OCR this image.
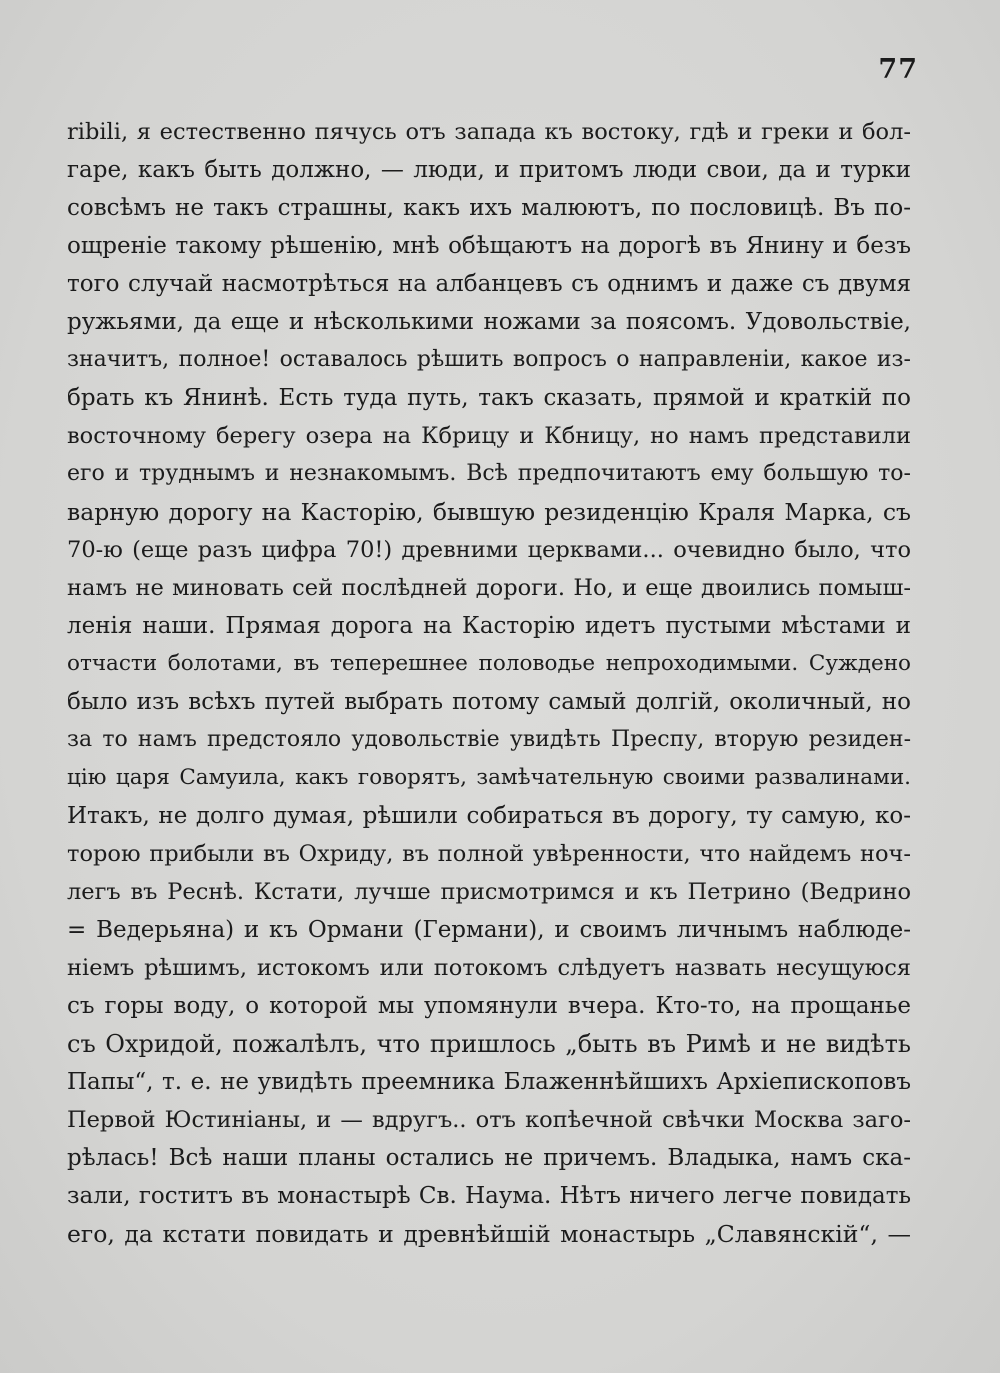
77
ribili, я естественно пячусь отъ запада къ востоку, гдѣ и греки и бол-
гаре, какъ быть должно, — люди, и притомъ люди свои, да и турки
совсѣмъ не такъ страшны, какъ ихъ малюютъ, по пословицѣ. Въ по-
ощреніе такому рѣшенію, мнѣ обѣщаютъ на дорогѣ въ Янину и безъ
того случай насмотрѣться на албанцевъ съ однимъ и даже съ двумя
ружьями, да еще и нѣсколькими ножами за поясомъ. Удовольствіе,
значитъ, полное! оставалось рѣшить вопросъ о направленіи, какое из-
брать къ Янинѣ. Есть туда путь, такъ сказать, прямой и краткій по
восточному берегу озера на Кбрицу и Кбницу, но намъ представили
его и труднымъ и незнакомымъ. Всѣ предпочитаютъ ему большую то-
варную дорогу на Касторію, бывшую резиденцію Краля Марка, съ
70-ю (еще разъ цифра 70!) древними церквами... очевидно было, что
намъ не миновать сей послѣдней дороги. Но, и еще двоились помыш-
ленія наши. Прямая дорога на Касторію идетъ пустыми мѣстами и
отчасти болотами, въ теперешнее половодье непроходимыми. Суждено
было изъ всѣхъ путей выбрать потому самый долгій, околичный, но
за то намъ предстояло удовольствіе увидѣть Преспу, вторую резиден-
цію царя Самуила, какъ говорятъ, замѣчательную своими развалинами.
Итакъ, не долго думая, рѣшили собираться въ дорогу, ту самую, ко-
торою прибыли въ Охриду, въ полной увѣренности, что найдемъ ноч-
легъ въ Реснѣ. Кстати, лучше присмотримся и къ Петрино (Ведрино
= Ведерьяна) и къ Ормани (Германи), и своимъ личнымъ наблюде-
ніемъ рѣшимъ, истокомъ или потокомъ слѣдуетъ назвать несущуюся
съ горы воду, о которой мы упомянули вчера. Кто-то, на прощанье
съ Охридой, пожалѣлъ, что пришлось „быть въ Римѣ и не видѣть
Папы“, т. е. не увидѣть преемника Блаженнѣйшихъ Архіепископовъ
Первой Юстиніаны, и — вдругъ.. отъ копѣечной свѣчки Москва заго-
рѣлась! Всѣ наши планы остались не причемъ. Владыка, намъ ска-
зали, гоститъ въ монастырѣ Св. Наума. Нѣтъ ничего легче повидать
его, да кстати повидать и древнѣйшій монастырь „Славянскій“, —
